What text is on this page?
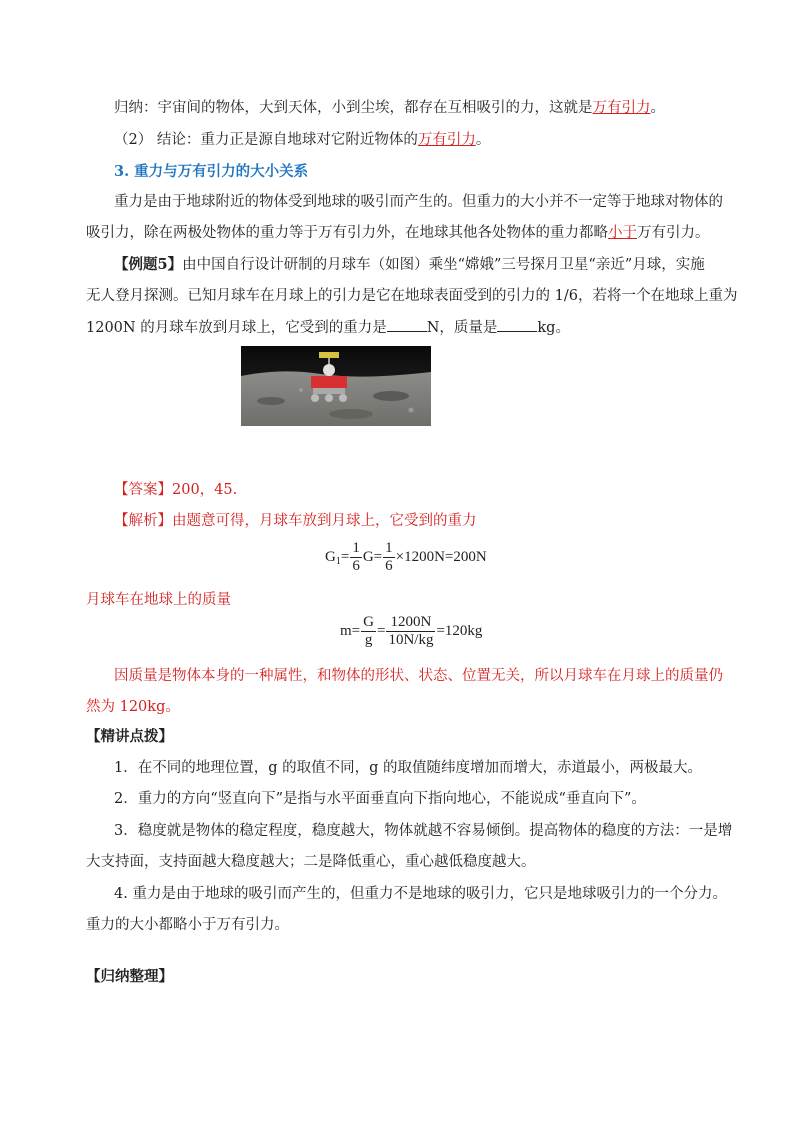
归纳：宇宙间的物体，大到天体，小到尘埃，都存在互相吸引的力，这就是万有引力。
（2） 结论：重力正是源自地球对它附近物体的万有引力。
3. 重力与万有引力的大小关系
重力是由于地球附近的物体受到地球的吸引而产生的。但重力的大小并不一定等于地球对物体的
吸引力，除在两极处物体的重力等于万有引力外，在地球其他各处物体的重力都略小于万有引力。
【例题5】由中国自行设计研制的月球车（如图）乘坐“嫦娥”三号探月卫星“亲近”月球，实施
无人登月探测。已知月球车在月球上的引力是它在地球表面受到的引力的 1/6，若将一个在地球上重为
1200N 的月球车放到月球上，它受到的重力是	N，质量是	kg。
【答案】200，45.
【解析】由题意可得，月球车放到月球上，它受到的重力
$G_1= \frac{1}{6} G= \frac{1}{6} \times 1200N=200N$
月球车在地球上的质量
$m= \frac{G}{g} = \frac{1200N}{10N/kg} =120kg$
因质量是物体本身的一种属性，和物体的形状、状态、位置无关，所以月球车在月球上的质量仍
然为 120kg。
【精讲点拨】
1．在不同的地理位置，g 的取值不同，g 的取值随纬度增加而增大，赤道最小，两极最大。
2．重力的方向“竖直向下”是指与水平面垂直向下指向地心，不能说成“垂直向下”。
3．稳度就是物体的稳定程度，稳度越大，物体就越不容易倾倒。提高物体的稳度的方法：一是增
大支持面，支持面越大稳度越大；二是降低重心，重心越低稳度越大。
4. 重力是由于地球的吸引而产生的，但重力不是地球的吸引力，它只是地球吸引力的一个分力。
重力的大小都略小于万有引力。
【归纳整理】
